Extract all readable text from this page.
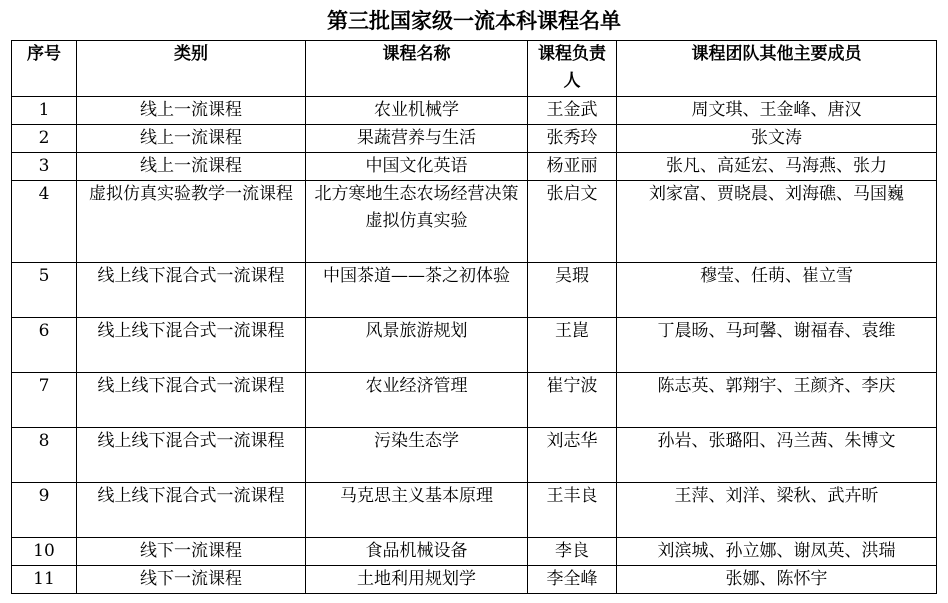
第三批国家级一流本科课程名单
序号	类别	课程名称	课程负责人	课程团队其他主要成员
1	线上一流课程	农业机械学	王金武	周文琪、王金峰、唐汉
2	线上一流课程	果蔬营养与生活	张秀玲	张文涛
3	线上一流课程	中国文化英语	杨亚丽	张凡、高延宏、马海燕、张力
4	虚拟仿真实验教学一流课程	北方寒地生态农场经营决策虚拟仿真实验	张启文	刘家富、贾晓晨、刘海礁、马国巍
5	线上线下混合式一流课程	中国茶道——茶之初体验	吴瑕	穆莹、任萌、崔立雪
6	线上线下混合式一流课程	风景旅游规划	王崑	丁晨旸、马珂馨、谢福春、袁维
7	线上线下混合式一流课程	农业经济管理	崔宁波	陈志英、郭翔宇、王颜齐、李庆
8	线上线下混合式一流课程	污染生态学	刘志华	孙岩、张璐阳、冯兰茜、朱博文
9	线上线下混合式一流课程	马克思主义基本原理	王丰良	王萍、刘洋、梁秋、武卉昕
10	线下一流课程	食品机械设备	李良	刘滨城、孙立娜、谢凤英、洪瑞
11	线下一流课程	土地利用规划学	李全峰	张娜、陈怀宇
